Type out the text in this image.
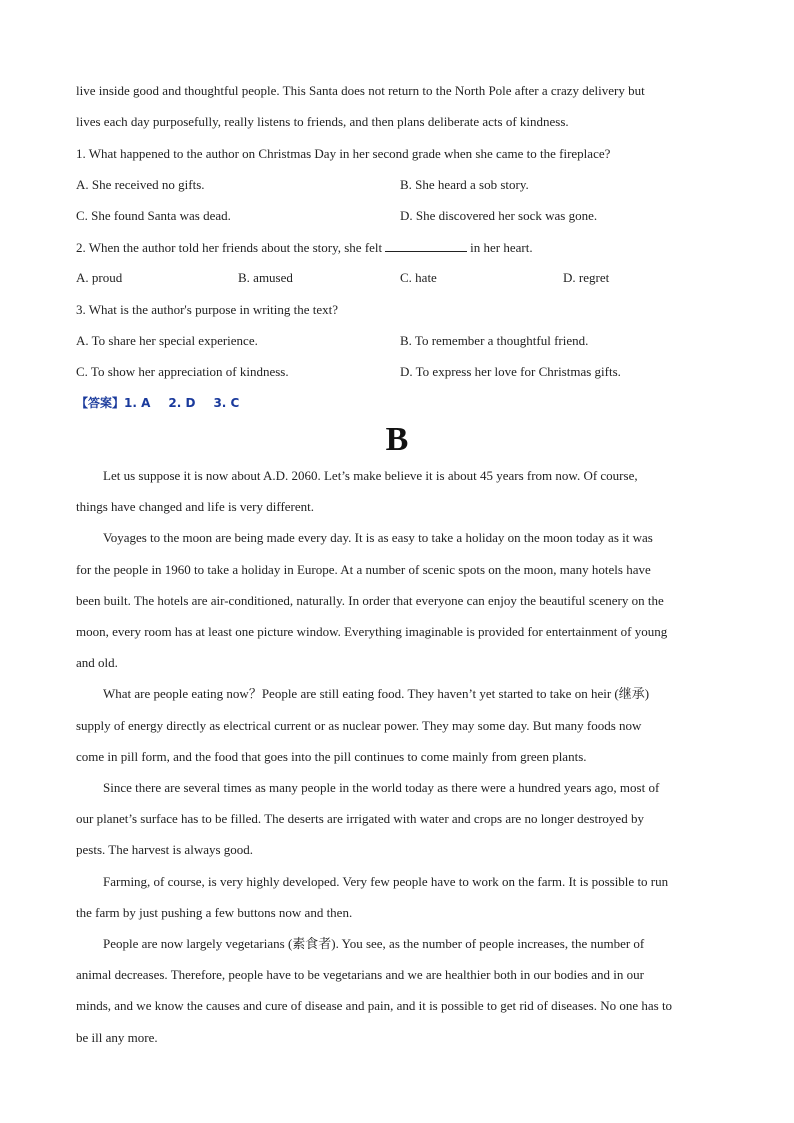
live inside good and thoughtful people. This Santa does not return to the North Pole after a crazy delivery but
lives each day purposefully, really listens to friends, and then plans deliberate acts of kindness.
1. What happened to the author on Christmas Day in her second grade when she came to the fireplace?
A. She received no gifts.	B. She heard a sob story.
C. She found Santa was dead.	D. She discovered her sock was gone.
2. When the author told her friends about the story, she felt	in her heart.
A. proud	B. amused	C. hate	D. regret
3. What is the author's purpose in writing the text?
A. To share her special experience.	B. To remember a thoughtful friend.
C. To show her appreciation of kindness.	D. To express her love for Christmas gifts.
【答案】1. A 2. D 3. C
B
Let us suppose it is now about A.D. 2060. Let’s make believe it is about 45 years from now. Of course,
things have changed and life is very different.
Voyages to the moon are being made every day. It is as easy to take a holiday on the moon today as it was
for the people in 1960 to take a holiday in Europe. At a number of scenic spots on the moon, many hotels have
been built. The hotels are air-conditioned, naturally. In order that everyone can enjoy the beautiful scenery on the
moon, every room has at least one picture window. Everything imaginable is provided for entertainment of young
and old.
What are people eating now？People are still eating food. They haven’t yet started to take on heir (继承)
supply of energy directly as electrical current or as nuclear power. They may some day. But many foods now
come in pill form, and the food that goes into the pill continues to come mainly from green plants.
Since there are several times as many people in the world today as there were a hundred years ago, most of
our planet’s surface has to be filled. The deserts are irrigated with water and crops are no longer destroyed by
pests. The harvest is always good.
Farming, of course, is very highly developed. Very few people have to work on the farm. It is possible to run
the farm by just pushing a few buttons now and then.
People are now largely vegetarians (素食者). You see, as the number of people increases, the number of
animal decreases. Therefore, people have to be vegetarians and we are healthier both in our bodies and in our
minds, and we know the causes and cure of disease and pain, and it is possible to get rid of diseases. No one has to
be ill any more.
